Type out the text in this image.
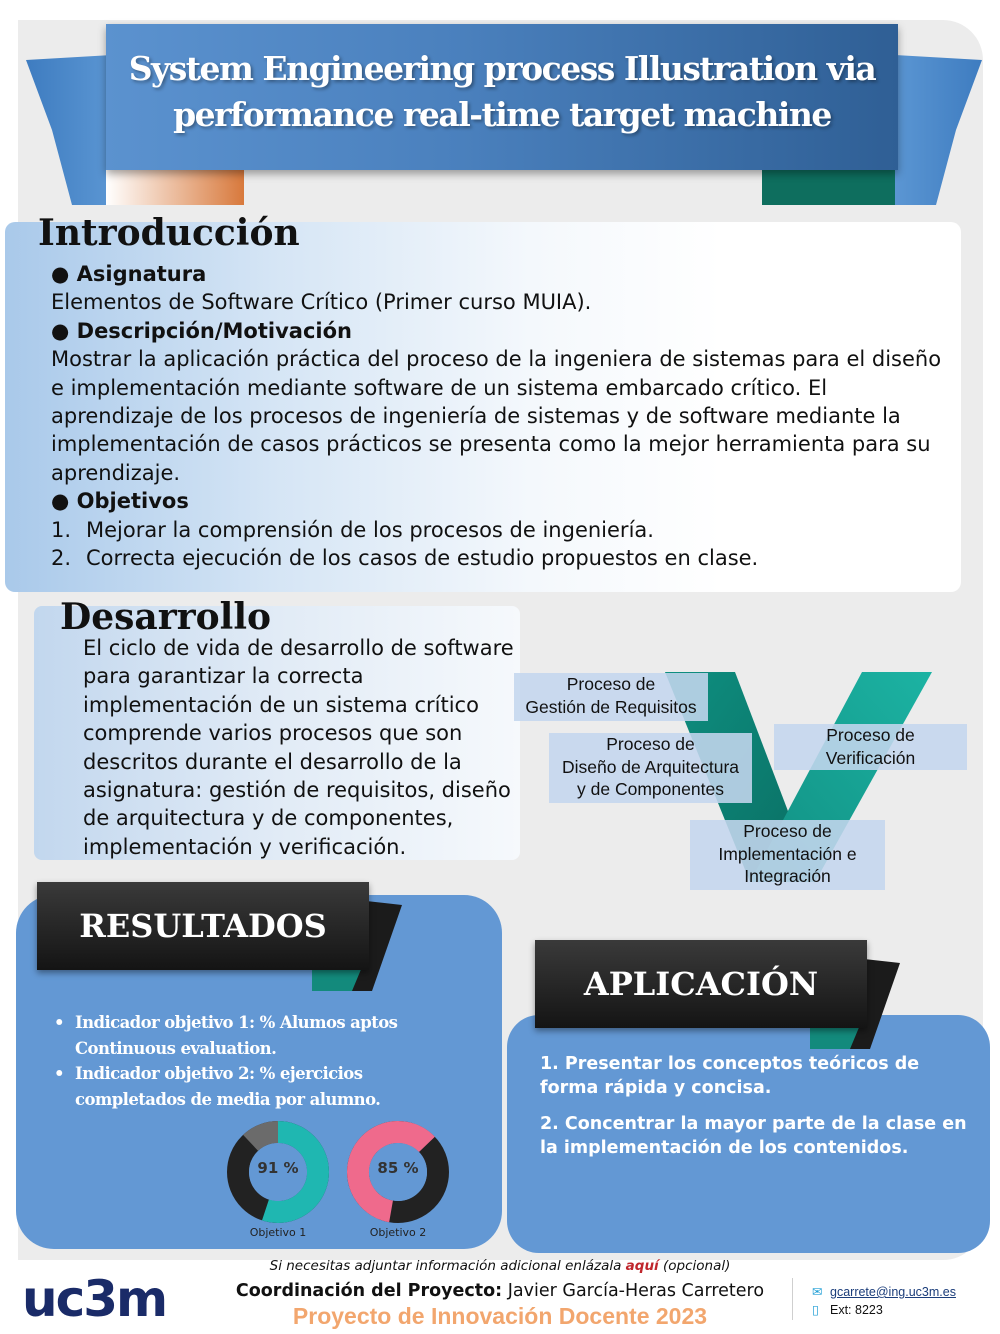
System Engineering process Illustration via
performance real-time target machine
Introducción
● Asignatura
Elementos de Software Crítico (Primer curso MUIA).
● Descripción/Motivación
Mostrar la aplicación práctica del proceso de la ingeniera de sistemas para el diseño e implementación mediante software de un sistema embarcado crítico. El aprendizaje de los procesos de ingeniería de sistemas y de software mediante la implementación de casos prácticos se presenta como la mejor herramienta para su aprendizaje.
● Objetivos
1. Mejorar la comprensión de los procesos de ingeniería.
2. Correcta ejecución de los casos de estudio propuestos en clase.
Desarrollo
El ciclo de vida de desarrollo de software para garantizar la correcta implementación de un sistema crítico comprende varios procesos que son descritos durante el desarrollo de la asignatura: gestión de requisitos, diseño de arquitectura y de componentes, implementación y verificación.
Proceso de
Gestión de Requisitos
Proceso de
Diseño de Arquitectura
y de Componentes
Proceso de
Verificación
Proceso de
Implementación e
Integración
RESULTADOS
• Indicador objetivo 1: % Alumos aptos
Continuous evaluation.
• Indicador objetivo 2: % ejercicios
completados de media por alumno.
91 %	85 %
Objetivo 1	Objetivo 2
APLICACIÓN
1. Presentar los conceptos teóricos de forma rápida y concisa.
2. Concentrar la mayor parte de la clase en la implementación de los contenidos.
uc3m
Si necesitas adjuntar información adicional enlázala aquí (opcional)
Coordinación del Proyecto: Javier García-Heras Carretero
Proyecto de Innovación Docente 2023
✉ gcarrete@ing.uc3m.es
▯ Ext: 8223
